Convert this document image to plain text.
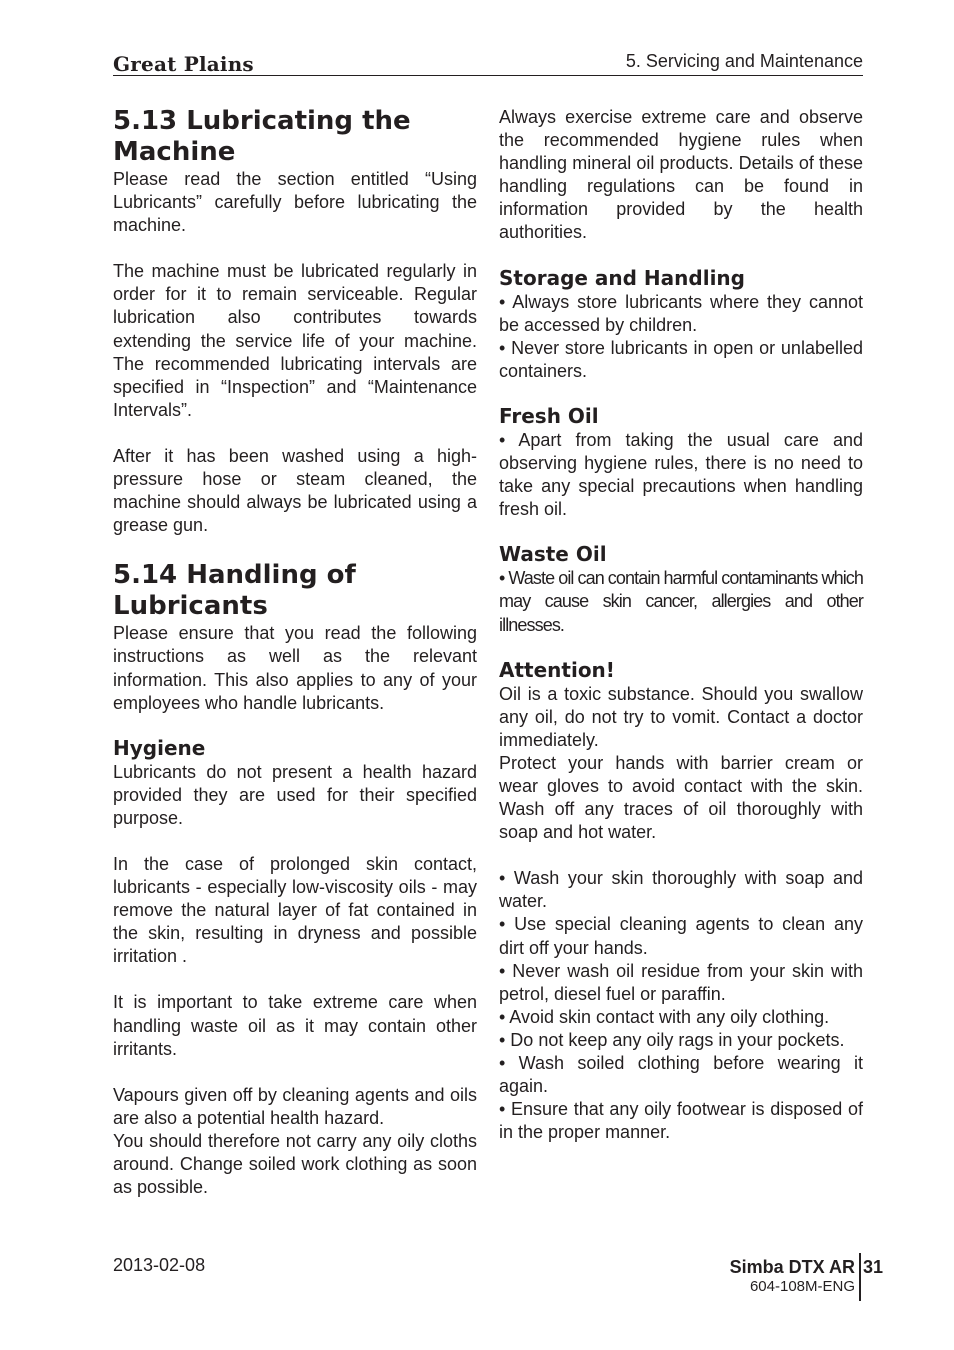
Great Plains	5. Servicing and Maintenance
5.13 Lubricating the Machine

Please read the section entitled “Using Lubricants” carefully before lubricating the machine.

The machine must be lubricated regularly in order for it to remain serviceable. Regular lubrication also contributes towards extending the service life of your machine. The recommended lubricating intervals are specified in “Inspection” and “Maintenance Intervals”.

After it has been washed using a high-pressure hose or steam cleaned, the machine should always be lubricated using a grease gun.

5.14 Handling of Lubricants

Please ensure that you read the following instructions as well as the relevant information. This also applies to any of your employees who handle lubricants.

Hygiene

Lubricants do not present a health hazard provided they are used for their specified purpose.

In the case of prolonged skin contact, lubricants - especially low-viscosity oils - may remove the natural layer of fat contained in the skin, resulting in dryness and possible irritation .

It is important to take extreme care when handling waste oil as it may contain other irritants.

Vapours given off by cleaning agents and oils are also a potential health hazard.

You should therefore not carry any oily cloths around. Change soiled work clothing as soon as possible.

Always exercise extreme care and observe the recommended hygiene rules when handling mineral oil products. Details of these handling regulations can be found in information provided by the health authorities.

Storage and Handling

• Always store lubricants where they cannot be accessed by children.

• Never store lubricants in open or unlabelled containers.

Fresh Oil

• Apart from taking the usual care and observing hygiene rules, there is no need to take any special precautions when handling fresh oil.

Waste Oil

• Waste oil can contain harmful contaminants which may cause skin cancer, allergies and other illnesses.

Attention!

Oil is a toxic substance. Should you swallow any oil, do not try to vomit. Contact a doctor immediately.

Protect your hands with barrier cream or wear gloves to avoid contact with the skin. Wash off any traces of oil thoroughly with soap and hot water.

• Wash your skin thoroughly with soap and water.

• Use special cleaning agents to clean any dirt off your hands.

• Never wash oil residue from your skin with petrol, diesel fuel or paraffin.

• Avoid skin contact with any oily clothing.

• Do not keep any oily rags in your pockets.

• Wash soiled clothing before wearing it again.

• Ensure that any oily footwear is disposed of in the proper manner.

2013-02-08	Simba DTX AR
604-108M-ENG
31
